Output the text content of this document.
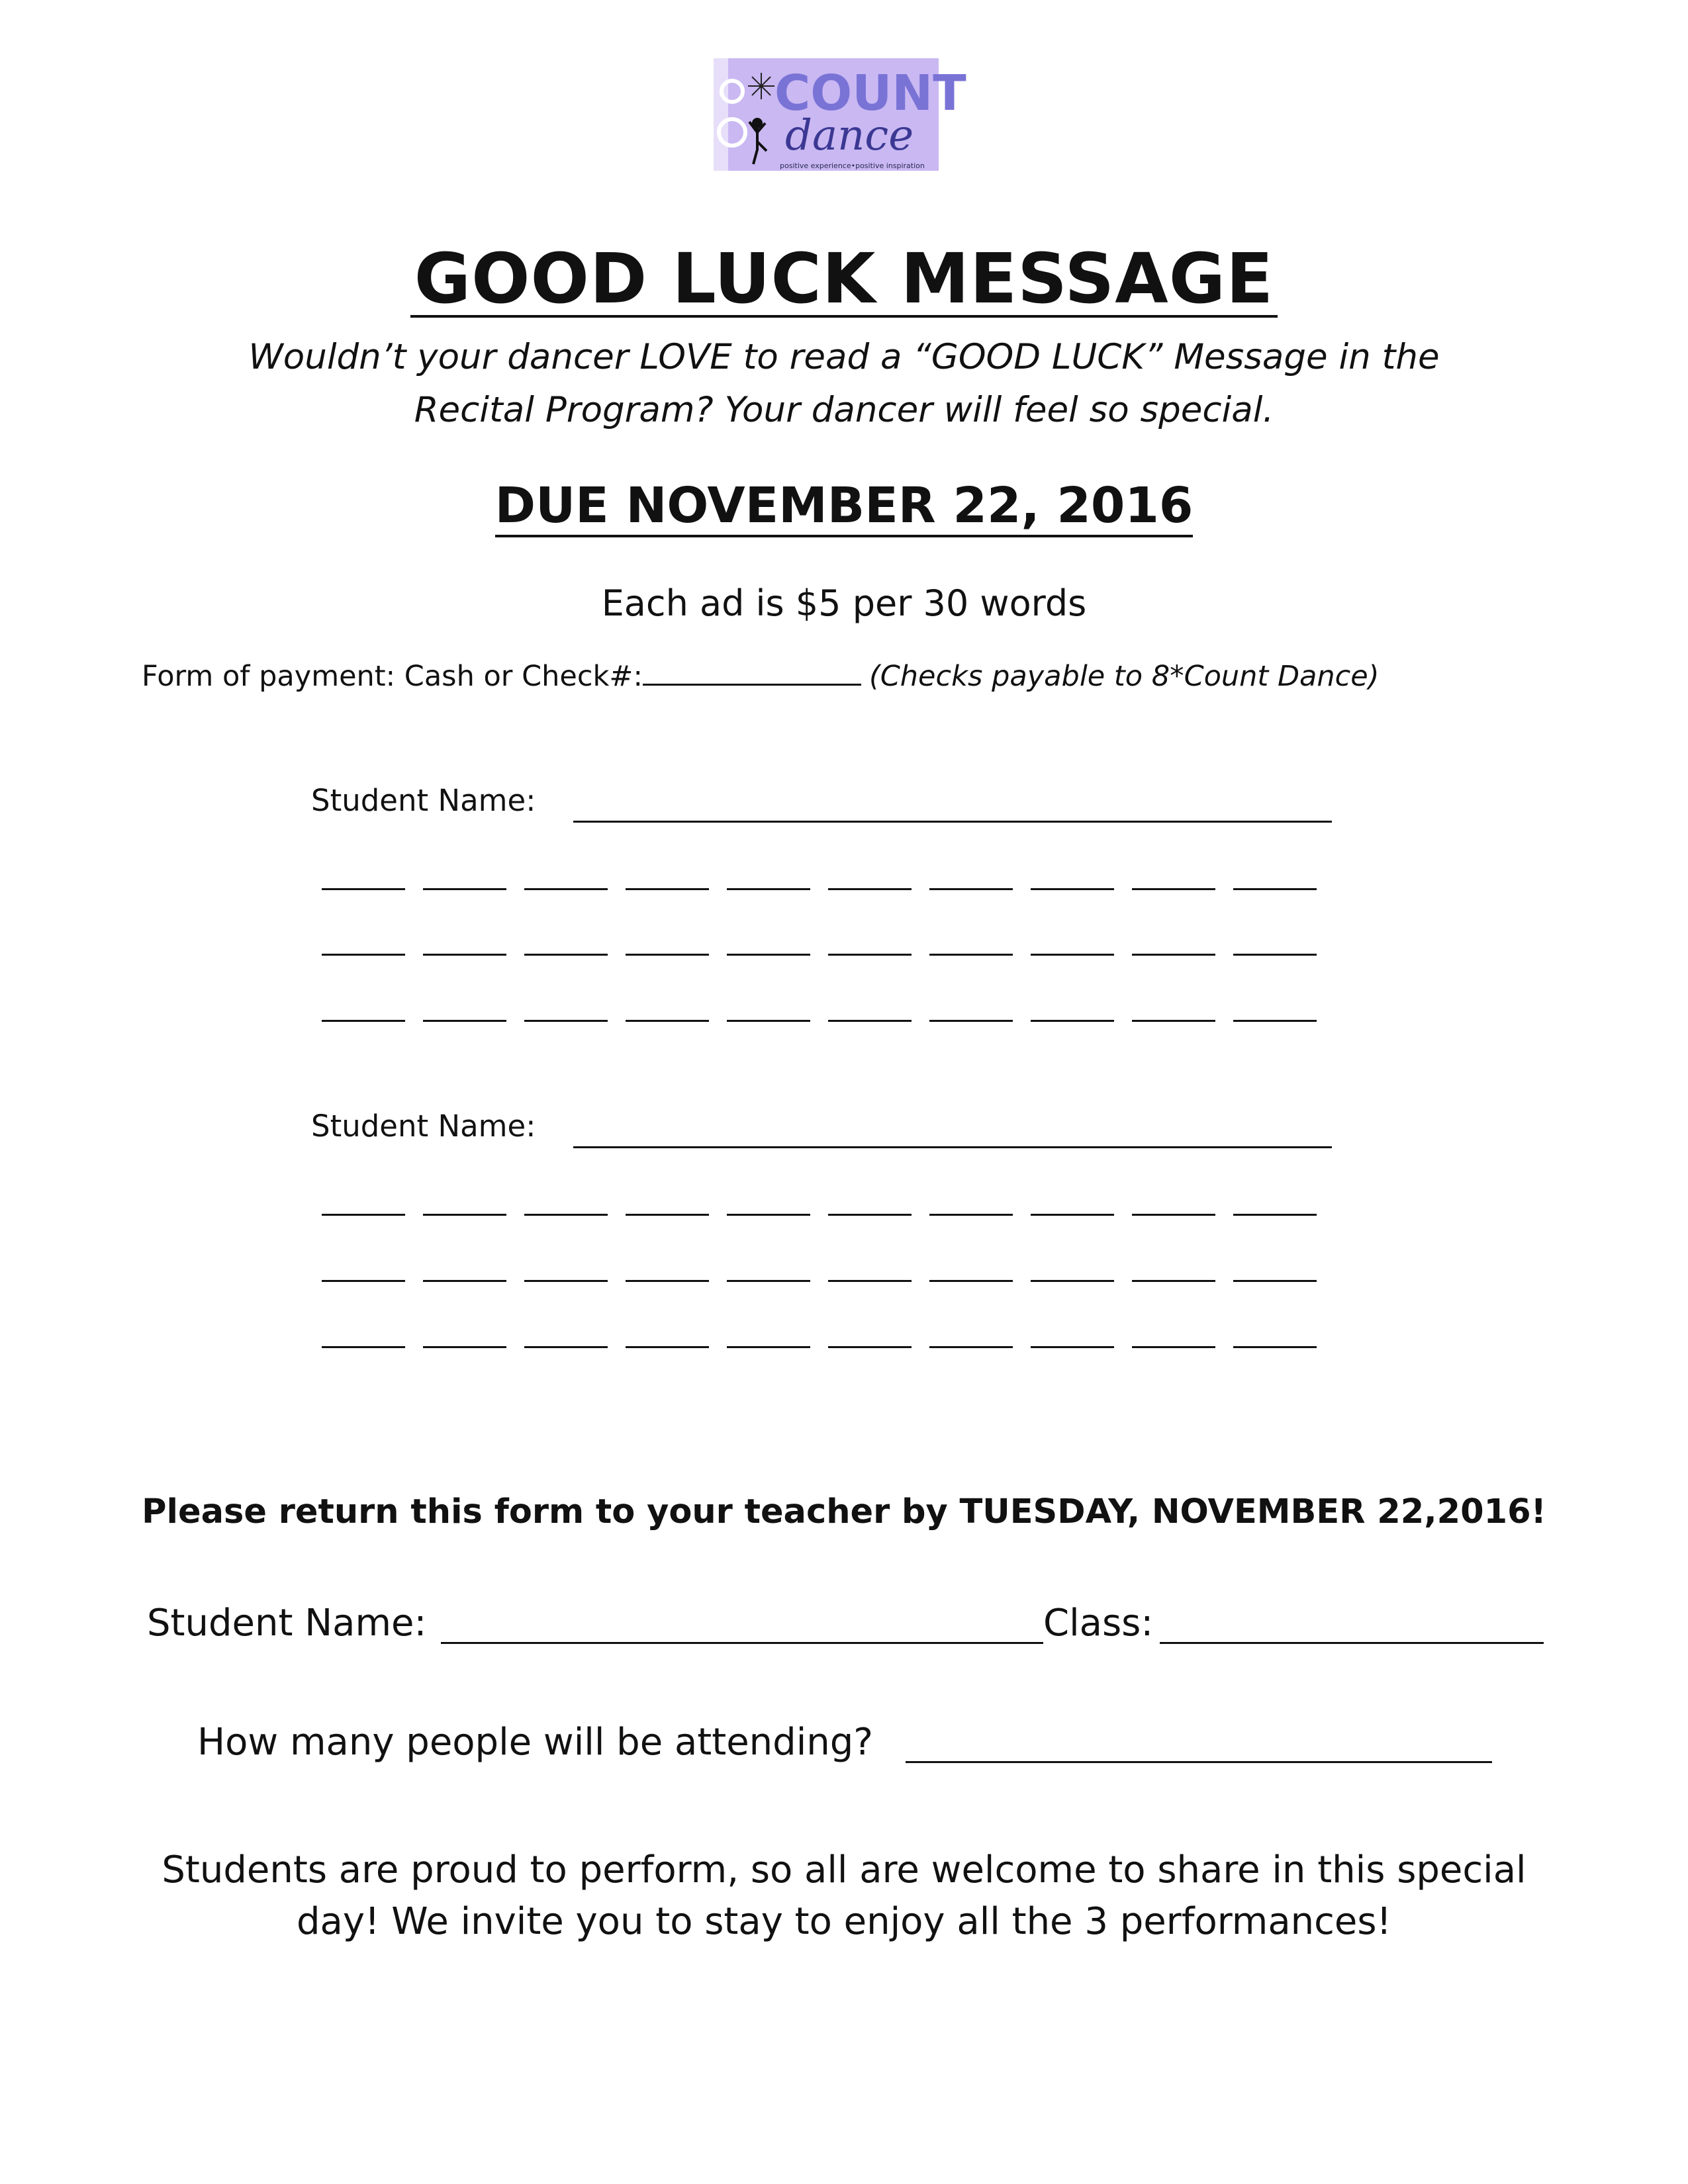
COUNT
dance
positive experience•positive inspiration
GOOD LUCK MESSAGE
Wouldn’t your dancer LOVE to read a “GOOD LUCK” Message in the
Recital Program? Your dancer will feel so special.
DUE NOVEMBER 22, 2016
Each ad is $5 per 30 words
Form of payment: Cash or Check#:	(Checks payable to 8*Count Dance)
Student Name:
Student Name:
Please return this form to your teacher by TUESDAY, NOVEMBER 22,2016!
Student Name:	Class:
How many people will be attending?
Students are proud to perform, so all are welcome to share in this special
day! We invite you to stay to enjoy all the 3 performances!
